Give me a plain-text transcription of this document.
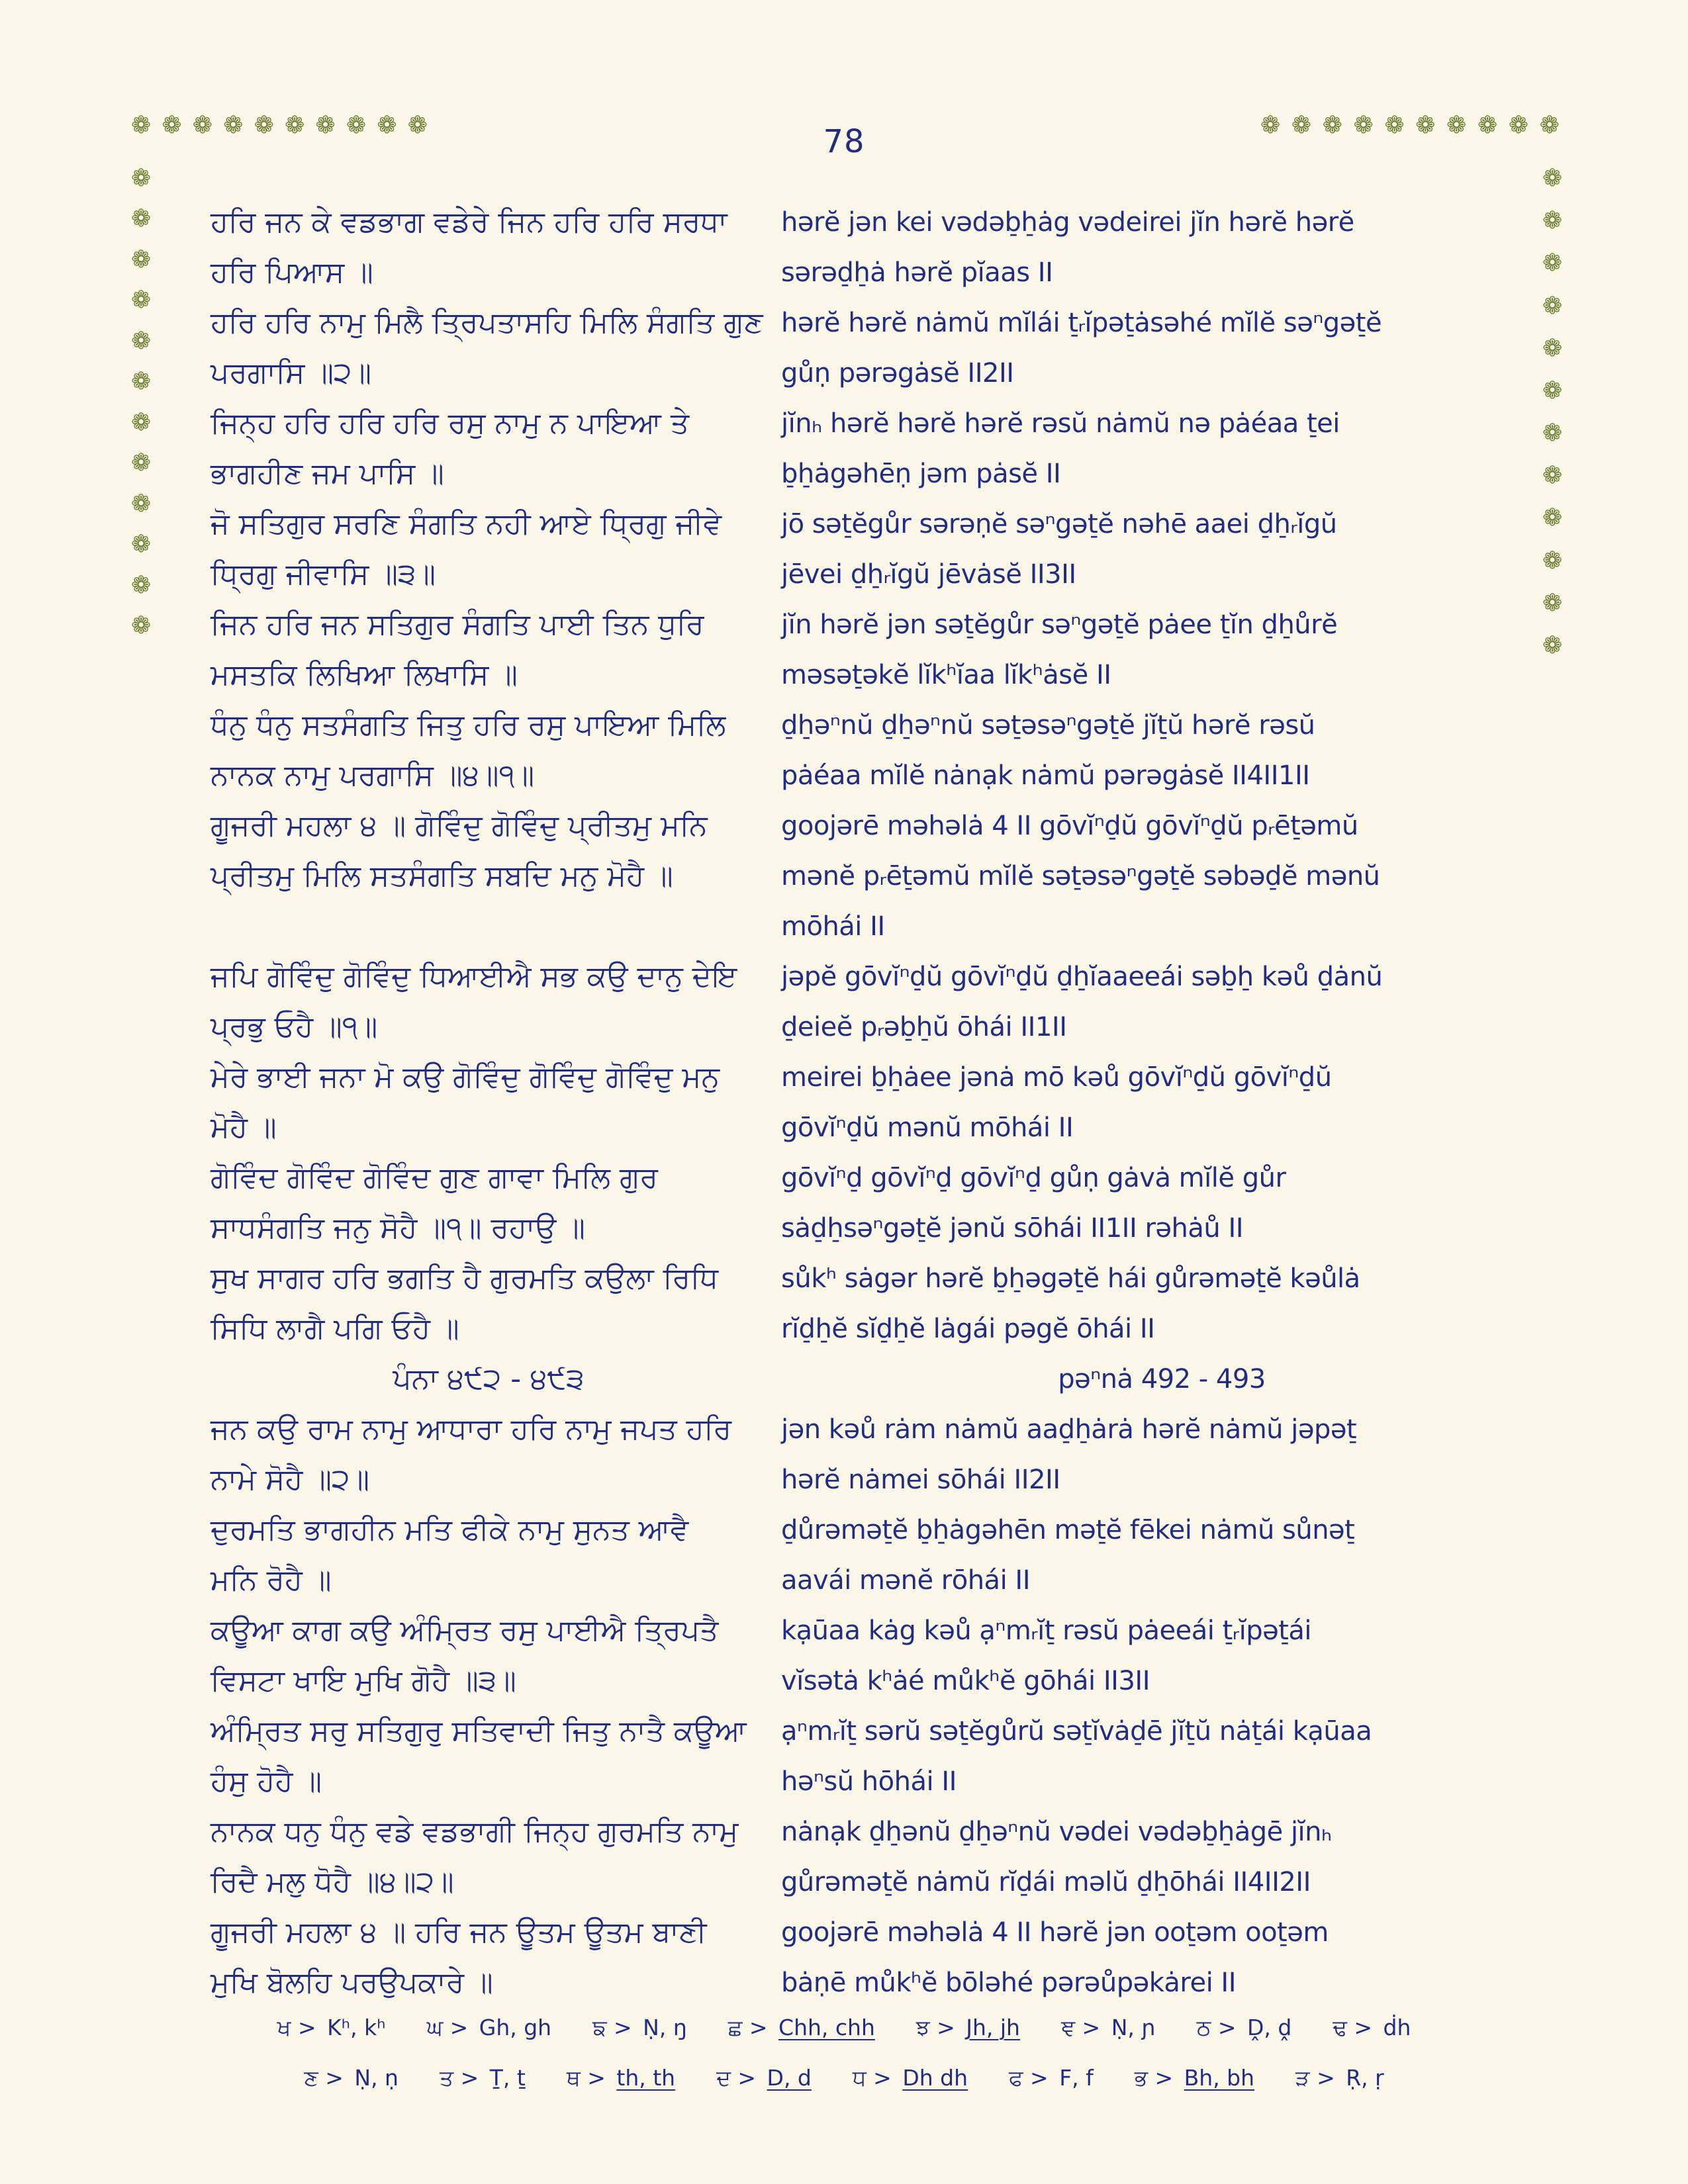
78
❁ ❁ ❁ ❁ ❁ ❁ ❁ ❁ ❁ ❁	❁ ❁ ❁ ❁ ❁ ❁ ❁ ❁ ❁ ❁
❁
❁
❁
❁
❁
❁
❁
❁
❁
❁
❁
❁
❁
❁
❁
❁
❁
❁
❁
❁
❁
❁
❁
❁
ਹਰਿ ਜਨ ਕੇ ਵਡਭਾਗ ਵਡੇਰੇ ਜਿਨ ਹਰਿ ਹਰਿ ਸਰਧਾ	hərĕ jən kei vədəb̠h̠ȧg vədeirei jĭn hərĕ hərĕ
ਹਰਿ ਪਿਆਸ ॥	sərəd̠h̠ȧ hərĕ pĭaas II
ਹਰਿ ਹਰਿ ਨਾਮੁ ਮਿਲੈ ਤ੍ਰਿਪਤਾਸਹਿ ਮਿਲਿ ਸੰਗਤਿ ਗੁਣ hərĕ hərĕ nȧmŭ mĭlái t̠ᵣĭpət̠ȧsəhé mĭlĕ səⁿgət̠ĕ
ਪਰਗਾਸਿ ॥੨॥	gůṇ pərəgȧsĕ II2II
ਜਿਨ੍ਹ ਹਰਿ ਹਰਿ ਹਰਿ ਰਸੁ ਨਾਮੁ ਨ ਪਾਇਆ ਤੇ	jĭnₕ hərĕ hərĕ hərĕ rəsŭ nȧmŭ nə pȧéaa t̠ei
ਭਾਗਹੀਣ ਜਮ ਪਾਸਿ ॥	b̠h̠ȧgəhēṇ jəm pȧsĕ II
ਜੋ ਸਤਿਗੁਰ ਸਰਣਿ ਸੰਗਤਿ ਨਹੀ ਆਏ ਧ੍ਰਿਗੁ ਜੀਵੇ	jō sət̠ĕgůr sərəṇĕ səⁿgət̠ĕ nəhē aaei d̠h̠ᵣĭgŭ
ਧ੍ਰਿਗੁ ਜੀਵਾਸਿ ॥੩॥	jēvei d̠h̠ᵣĭgŭ jēvȧsĕ II3II
ਜਿਨ ਹਰਿ ਜਨ ਸਤਿਗੁਰ ਸੰਗਤਿ ਪਾਈ ਤਿਨ ਧੁਰਿ	jĭn hərĕ jən sət̠ĕgůr səⁿgət̠ĕ pȧee t̠ĭn d̠h̠ůrĕ
ਮਸਤਕਿ ਲਿਖਿਆ ਲਿਖਾਸਿ ॥	məsət̠əkĕ lĭkʰĭaa lĭkʰȧsĕ II
ਧੰਨੁ ਧੰਨੁ ਸਤਸੰਗਤਿ ਜਿਤੁ ਹਰਿ ਰਸੁ ਪਾਇਆ ਮਿਲਿ	d̠h̠əⁿnŭ d̠h̠əⁿnŭ sət̠əsəⁿgət̠ĕ jĭt̠ŭ hərĕ rəsŭ
ਨਾਨਕ ਨਾਮੁ ਪਰਗਾਸਿ ॥੪॥੧॥	pȧéaa mĭlĕ nȧnạk nȧmŭ pərəgȧsĕ II4II1II
ਗੂਜਰੀ ਮਹਲਾ ੪ ॥ ਗੋਵਿੰਦੁ ਗੋਵਿੰਦੁ ਪ੍ਰੀਤਮੁ ਮਨਿ	goojərē məhəlȧ 4 II gōvĭⁿd̠ŭ gōvĭⁿd̠ŭ pᵣēt̠əmŭ
ਪ੍ਰੀਤਮੁ ਮਿਲਿ ਸਤਸੰਗਤਿ ਸਬਦਿ ਮਨੁ ਮੋਹੈ ॥	mənĕ pᵣēt̠əmŭ mĭlĕ sət̠əsəⁿgət̠ĕ səbəd̠ĕ mənŭ
mōhái II
ਜਪਿ ਗੋਵਿੰਦੁ ਗੋਵਿੰਦੁ ਧਿਆਈਐ ਸਭ ਕਉ ਦਾਨੁ ਦੇਇ	jəpĕ gōvĭⁿd̠ŭ gōvĭⁿd̠ŭ d̠h̠ĭaaeeái səb̠h̠ kəů d̠ȧnŭ
ਪ੍ਰਭੁ ਓਹੈ ॥੧॥	d̠eieĕ pᵣəb̠h̠ŭ ōhái II1II
ਮੇਰੇ ਭਾਈ ਜਨਾ ਮੋ ਕਉ ਗੋਵਿੰਦੁ ਗੋਵਿੰਦੁ ਗੋਵਿੰਦੁ ਮਨੁ	meirei b̠h̠ȧee jənȧ mō kəů gōvĭⁿd̠ŭ gōvĭⁿd̠ŭ
ਮੋਹੈ ॥	gōvĭⁿd̠ŭ mənŭ mōhái II
ਗੋਵਿੰਦ ਗੋਵਿੰਦ ਗੋਵਿੰਦ ਗੁਣ ਗਾਵਾ ਮਿਲਿ ਗੁਰ	gōvĭⁿd̠ gōvĭⁿd̠ gōvĭⁿd̠ gůṇ gȧvȧ mĭlĕ gůr
ਸਾਧਸੰਗਤਿ ਜਨੁ ਸੋਹੈ ॥੧॥ ਰਹਾਉ ॥	sȧd̠h̠səⁿgət̠ĕ jənŭ sōhái II1II rəhȧů II
ਸੁਖ ਸਾਗਰ ਹਰਿ ਭਗਤਿ ਹੈ ਗੁਰਮਤਿ ਕਉਲਾ ਰਿਧਿ	sůkʰ sȧgər hərĕ b̠h̠əgət̠ĕ hái gůrəmət̠ĕ kəůlȧ
ਸਿਧਿ ਲਾਗੈ ਪਗਿ ਓਹੈ ॥	rĭd̠h̠ĕ sĭd̠h̠ĕ lȧgái pəgĕ ōhái II
ਪੰਨਾ ੪੯੨ - ੪੯੩	pəⁿnȧ 492 - 493
ਜਨ ਕਉ ਰਾਮ ਨਾਮੁ ਆਧਾਰਾ ਹਰਿ ਨਾਮੁ ਜਪਤ ਹਰਿ	jən kəů rȧm nȧmŭ aad̠h̠ȧrȧ hərĕ nȧmŭ jəpət̠
ਨਾਮੇ ਸੋਹੈ ॥੨॥	hərĕ nȧmei sōhái II2II
ਦੁਰਮਤਿ ਭਾਗਹੀਨ ਮਤਿ ਫੀਕੇ ਨਾਮੁ ਸੁਨਤ ਆਵੈ	d̠ůrəmət̠ĕ b̠h̠ȧgəhēn mət̠ĕ fēkei nȧmŭ sůnət̠
ਮਨਿ ਰੋਹੈ ॥	aavái mənĕ rōhái II
ਕਊਆ ਕਾਗ ਕਉ ਅੰਮ੍ਰਿਤ ਰਸੁ ਪਾਈਐ ਤ੍ਰਿਪਤੈ	kạūaa kȧg kəů ạⁿmᵣĭt̠ rəsŭ pȧeeái t̠ᵣĭpət̠ái
ਵਿਸਟਾ ਖਾਇ ਮੁਖਿ ਗੋਹੈ ॥੩॥	vĭsətȧ kʰȧé můkʰĕ gōhái II3II
ਅੰਮ੍ਰਿਤ ਸਰੁ ਸਤਿਗੁਰੁ ਸਤਿਵਾਦੀ ਜਿਤੁ ਨਾਤੈ ਕਊਆ	ạⁿmᵣĭt̠ sərŭ sət̠ĕgůrŭ sət̠ĭvȧd̠ē jĭt̠ŭ nȧt̠ái kạūaa
ਹੰਸੁ ਹੋਹੈ ॥	həⁿsŭ hōhái II
ਨਾਨਕ ਧਨੁ ਧੰਨੁ ਵਡੇ ਵਡਭਾਗੀ ਜਿਨ੍ਹ ਗੁਰਮਤਿ ਨਾਮੁ	nȧnạk d̠h̠ənŭ d̠h̠əⁿnŭ vədei vədəb̠h̠ȧgē jĭnₕ
ਰਿਦੈ ਮਲੁ ਧੋਹੈ ॥੪॥੨॥	gůrəmət̠ĕ nȧmŭ rĭd̠ái məlŭ d̠h̠ōhái II4II2II
ਗੂਜਰੀ ਮਹਲਾ ੪ ॥ ਹਰਿ ਜਨ ਊਤਮ ਊਤਮ ਬਾਣੀ	goojərē məhəlȧ 4 II hərĕ jən oot̠əm oot̠əm
ਮੁਖਿ ਬੋਲਹਿ ਪਰਉਪਕਾਰੇ ॥	bȧṇē můkʰĕ bōləhé pərəůpəkȧrei II
ਖ > Kʰ, kʰ ਘ > Gh, gh ਙ > Ṇ, ŋ ਛ > Chh, chh ਝ > Jh, jh ਞ > Ṇ, ɲ ਠ > Ḓ, ḓ ਢ > ḋh
ਣ > Ṇ, ṇ ਤ > Ṯ, ṯ ਥ > th, th ਦ > D, d ਧ > Dh dh ਫ > F, f ਭ > Bh, bh ੜ > Ṛ, ṛ
